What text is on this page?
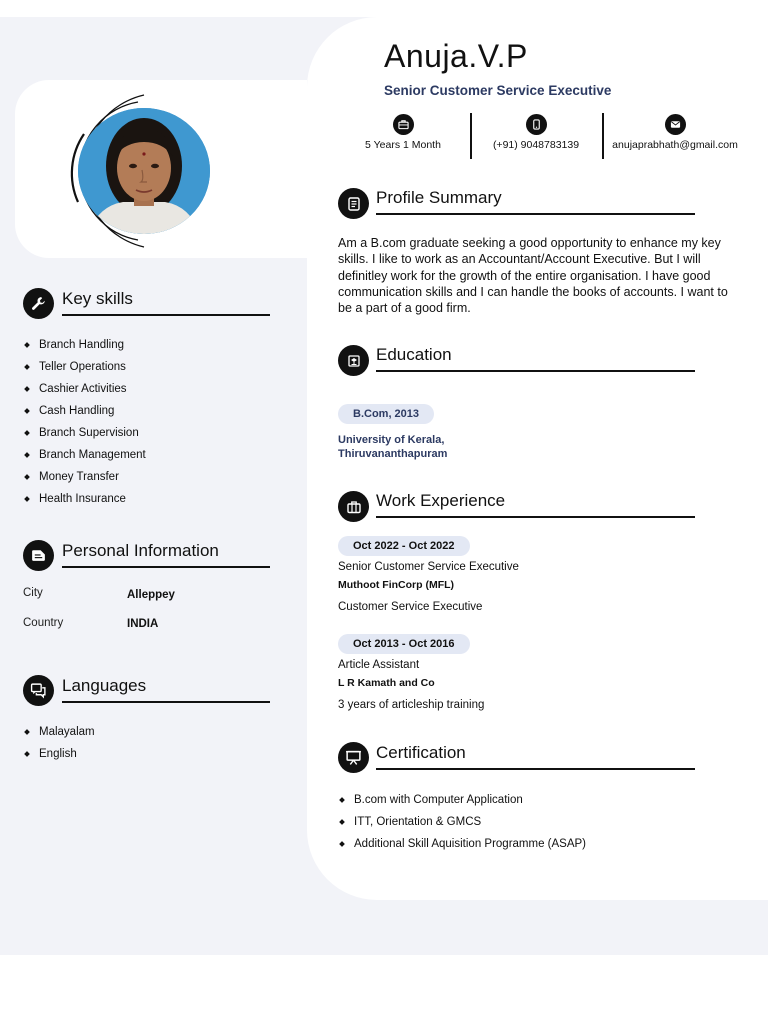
Anuja.V.P
Senior Customer Service Executive
5 Years 1 Month	(+91) 9048783139	anujaprabhath@gmail.com
Key skills
Branch Handling
Teller Operations
Cashier Activities
Cash Handling
Branch Supervision
Branch Management
Money Transfer
Health Insurance
Personal Information
City	Alleppey
Country	INDIA
Languages
Malayalam
English
Profile Summary
Am a B.com graduate seeking a good opportunity to enhance my key skills. I like to work as an Accountant/Account Executive. But I will definitley work for the growth of the entire organisation. I have good communication skills and I can handle the books of accounts. I want to be a part of a good firm.
Education
B.Com, 2013
University of Kerala,
Thiruvananthapuram
Work Experience
Oct 2022 - Oct 2022
Senior Customer Service Executive
Muthoot FinCorp (MFL)
Customer Service Executive
Oct 2013 - Oct 2016
Article Assistant
L R Kamath and Co
3 years of articleship training
Certification
B.com with Computer Application
ITT, Orientation & GMCS
Additional Skill Aquisition Programme (ASAP)
